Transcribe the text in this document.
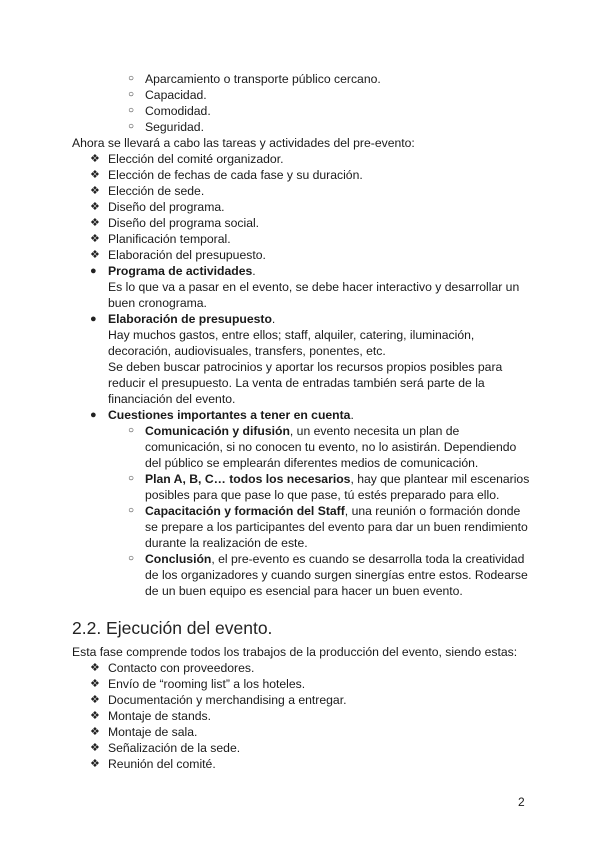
○ Aparcamiento o transporte público cercano.
○ Capacidad.
○ Comodidad.
○ Seguridad.
Ahora se llevará a cabo las tareas y actividades del pre-evento:
❖ Elección del comité organizador.
❖ Elección de fechas de cada fase y su duración.
❖ Elección de sede.
❖ Diseño del programa.
❖ Diseño del programa social.
❖ Planificación temporal.
❖ Elaboración del presupuesto.
● Programa de actividades.
Es lo que va a pasar en el evento, se debe hacer interactivo y desarrollar un
buen cronograma.
● Elaboración de presupuesto.
Hay muchos gastos, entre ellos; staff, alquiler, catering, iluminación,
decoración, audiovisuales, transfers, ponentes, etc.
Se deben buscar patrocinios y aportar los recursos propios posibles para
reducir el presupuesto. La venta de entradas también será parte de la
financiación del evento.
● Cuestiones importantes a tener en cuenta.
○ Comunicación y difusión, un evento necesita un plan de
comunicación, si no conocen tu evento, no lo asistirán. Dependiendo
del público se emplearán diferentes medios de comunicación.
○ Plan A, B, C… todos los necesarios, hay que plantear mil escenarios
posibles para que pase lo que pase, tú estés preparado para ello.
○ Capacitación y formación del Staff, una reunión o formación donde
se prepare a los participantes del evento para dar un buen rendimiento
durante la realización de este.
○ Conclusión, el pre-evento es cuando se desarrolla toda la creatividad
de los organizadores y cuando surgen sinergías entre estos. Rodearse
de un buen equipo es esencial para hacer un buen evento.
2.2. Ejecución del evento.
Esta fase comprende todos los trabajos de la producción del evento, siendo estas:
❖ Contacto con proveedores.
❖ Envío de “rooming list” a los hoteles.
❖ Documentación y merchandising a entregar.
❖ Montaje de stands.
❖ Montaje de sala.
❖ Señalización de la sede.
❖ Reunión del comité.
2
